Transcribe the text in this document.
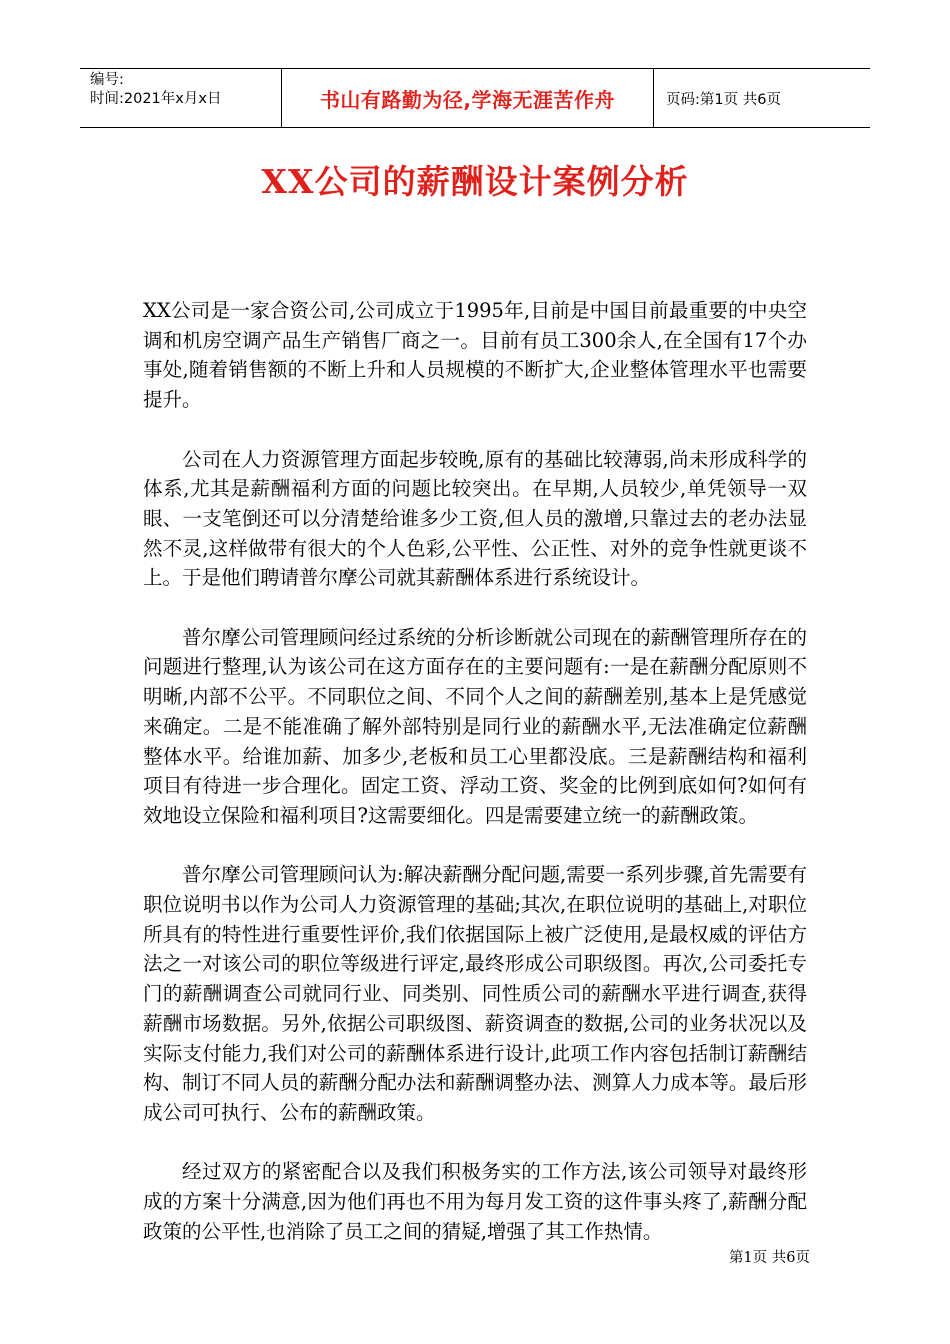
编号:
时间:2021年x月x日	书山有路勤为径,学海无涯苦作舟	页码:第1页 共6页
XX公司的薪酬设计案例分析

XX公司是一家合资公司,公司成立于1995年,目前是中国目前最重要的中央空调和机房空调产品生产销售厂商之一。目前有员工300余人,在全国有17个办事处,随着销售额的不断上升和人员规模的不断扩大,企业整体管理水平也需要提升。

公司在人力资源管理方面起步较晚,原有的基础比较薄弱,尚未形成科学的体系,尤其是薪酬福利方面的问题比较突出。在早期,人员较少,单凭领导一双眼、一支笔倒还可以分清楚给谁多少工资,但人员的激增,只靠过去的老办法显然不灵,这样做带有很大的个人色彩,公平性、公正性、对外的竞争性就更谈不上。于是他们聘请普尔摩公司就其薪酬体系进行系统设计。

普尔摩公司管理顾问经过系统的分析诊断就公司现在的薪酬管理所存在的问题进行整理,认为该公司在这方面存在的主要问题有:一是在薪酬分配原则不明晰,内部不公平。不同职位之间、不同个人之间的薪酬差别,基本上是凭感觉来确定。二是不能准确了解外部特别是同行业的薪酬水平,无法准确定位薪酬整体水平。给谁加薪、加多少,老板和员工心里都没底。三是薪酬结构和福利项目有待进一步合理化。固定工资、浮动工资、奖金的比例到底如何?如何有效地设立保险和福利项目?这需要细化。四是需要建立统一的薪酬政策。

普尔摩公司管理顾问认为:解决薪酬分配问题,需要一系列步骤,首先需要有职位说明书以作为公司人力资源管理的基础;其次,在职位说明的基础上,对职位所具有的特性进行重要性评价,我们依据国际上被广泛使用,是最权威的评估方法之一对该公司的职位等级进行评定,最终形成公司职级图。再次,公司委托专门的薪酬调查公司就同行业、同类别、同性质公司的薪酬水平进行调查,获得薪酬市场数据。另外,依据公司职级图、薪资调查的数据,公司的业务状况以及实际支付能力,我们对公司的薪酬体系进行设计,此项工作内容包括制订薪酬结构、制订不同人员的薪酬分配办法和薪酬调整办法、测算人力成本等。最后形成公司可执行、公布的薪酬政策。

经过双方的紧密配合以及我们积极务实的工作方法,该公司领导对最终形成的方案十分满意,因为他们再也不用为每月发工资的这件事头疼了,薪酬分配政策的公平性,也消除了员工之间的猜疑,增强了其工作热情。

第1页 共6页
